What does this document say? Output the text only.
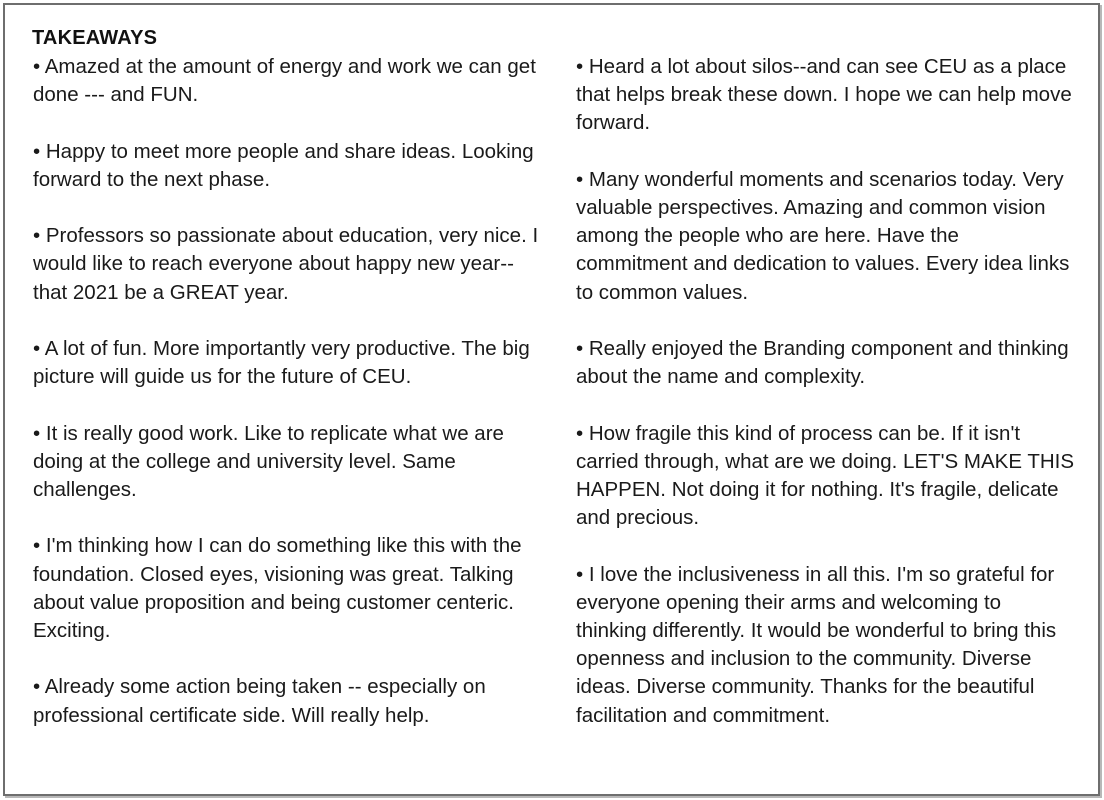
TAKEAWAYS

• Amazed at the amount of energy and work we can get done --- and FUN.

• Happy to meet more people and share ideas. Looking forward to the next phase.

• Professors so passionate about education, very nice. I would like to reach everyone about happy new year-- that 2021 be a GREAT year.

• A lot of fun. More importantly very productive. The big picture will guide us for the future of CEU.

• It is really good work. Like to replicate what we are doing at the college and university level. Same challenges.

• I'm thinking how I can do something like this with the foundation. Closed eyes, visioning was great. Talking about value proposition and being customer centeric. Exciting.

• Already some action being taken -- especially on professional certificate side. Will really help.

• Heard a lot about silos--and can see CEU as a place that helps break these down. I hope we can help move forward.

• Many wonderful moments and scenarios today. Very valuable perspectives. Amazing and common vision among the people who are here. Have the commitment and dedication to values. Every idea links to common values.

• Really enjoyed the Branding component and thinking about the name and complexity.

• How fragile this kind of process can be. If it isn't carried through, what are we doing. LET'S MAKE THIS HAPPEN. Not doing it for nothing. It's fragile, delicate and precious.

• I love the inclusiveness in all this. I'm so grateful for everyone opening their arms and welcoming to thinking differently. It would be wonderful to bring this openness and inclusion to the community. Diverse ideas. Diverse community. Thanks for the beautiful facilitation and commitment.
